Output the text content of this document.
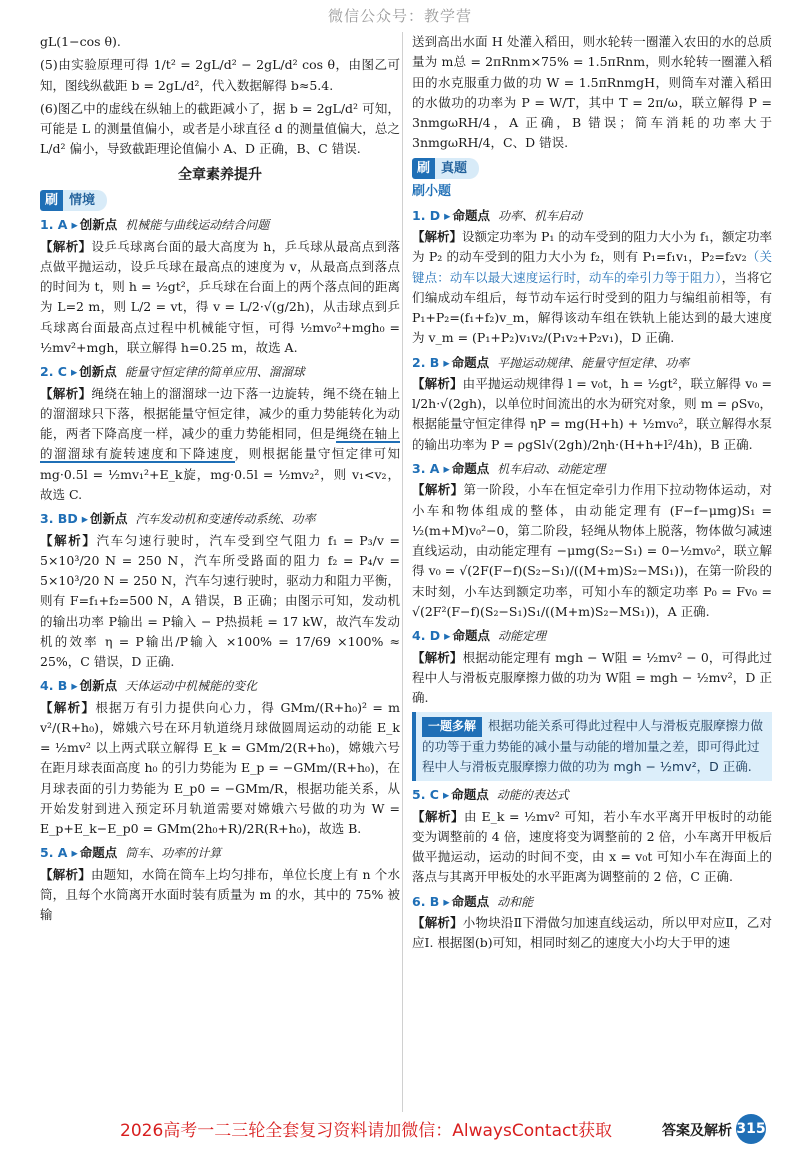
微信公众号：教学营

gL(1−cos θ).

(5)由实验原理可得 1/t² = 2gL/d² − 2gL/d² cos θ，由图乙可知，图线纵截距 b = 2gL/d²，代入数据解得 b≈5.4.

(6)图乙中的虚线在纵轴上的截距减小了，据 b = 2gL/d² 可知，可能是 L 的测量值偏小，或者是小球直径 d 的测量值偏大，总之 L/d² 偏小，导致截距理论值偏小 A、D 正确，B、C 错误.

全章素养提升
刷 情境
1. A ▸ 创新点 机械能与曲线运动结合问题

【解析】设乒乓球离台面的最大高度为 h，乒乓球从最高点到落点做平抛运动，设乒乓球在最高点的速度为 v，从最高点到落点的时间为 t，则 h = ½gt²，乒乓球在台面上的两个落点间的距离为 L=2 m，则 L/2 = vt，得 v = L/2·√(g/2h)，从击球点到乒乓球离台面最高点过程中机械能守恒，可得 ½mv₀²+mgh₀ = ½mv²+mgh，联立解得 h=0.25 m，故选 A.

2. C ▸ 创新点 能量守恒定律的简单应用、溜溜球

【解析】绳绕在轴上的溜溜球一边下落一边旋转，绳不绕在轴上的溜溜球只下落，根据能量守恒定律，减少的重力势能转化为动能，两者下降高度一样，减少的重力势能相同，但是绳绕在轴上的溜溜球有旋转速度和下降速度，则根据能量守恒定律可知 mg·0.5l = ½mv₁²+E_k旋，mg·0.5l = ½mv₂²，则 v₁<v₂，故选 C.

3. BD ▸ 创新点 汽车发动机和变速传动系统、功率

【解析】汽车匀速行驶时，汽车受到空气阻力 f₁ = P₃/v = 5×10³/20 N = 250 N，汽车所受路面的阻力 f₂ = P₄/v = 5×10³/20 N = 250 N，汽车匀速行驶时，驱动力和阻力平衡，则有 F=f₁+f₂=500 N，A 错误，B 正确；由图示可知，发动机的输出功率 P输出 = P输入 − P热损耗 = 17 kW，故汽车发动机的效率 η = P输出/P输入 ×100% = 17/69 ×100% ≈ 25%，C 错误，D 正确.

4. B ▸ 创新点 天体运动中机械能的变化

【解析】根据万有引力提供向心力，得 GMm/(R+h₀)² = m v²/(R+h₀)，嫦娥六号在环月轨道绕月球做圆周运动的动能 E_k = ½mv² 以上两式联立解得 E_k = GMm/2(R+h₀)，嫦娥六号在距月球表面高度 h₀ 的引力势能为 E_p = −GMm/(R+h₀)，在月球表面的引力势能为 E_p0 = −GMm/R，根据功能关系，从开始发射到进入预定环月轨道需要对嫦娥六号做的功为 W = E_p+E_k−E_p0 = GMm(2h₀+R)/2R(R+h₀)，故选 B.

5. A ▸ 命题点 筒车、功率的计算

【解析】由题知，水筒在筒车上均匀排布，单位长度上有 n 个水筒，且每个水筒离开水面时装有质量为 m 的水，其中的 75% 被输

送到高出水面 H 处灌入稻田，则水轮转一圈灌入农田的水的总质量为 m总 = 2πRnm×75% = 1.5πRnm，则水轮转一圈灌入稻田的水克服重力做的功 W = 1.5πRnmgH，则筒车对灌入稻田的水做功的功率为 P = W/T，其中 T = 2π/ω，联立解得 P = 3nmgωRH/4，A 正确，B 错误；简车消耗的功率大于 3nmgωRH/4，C、D 错误.

刷 真题
刷小题
1. D ▸ 命题点 功率、机车启动

【解析】设额定功率为 P₁ 的动车受到的阻力大小为 f₁，额定功率为 P₂ 的动车受到的阻力大小为 f₂，则有 P₁=f₁v₁，P₂=f₂v₂（关键点：动车以最大速度运行时，动车的牵引力等于阻力），当将它们编成动车组后，每节动车运行时受到的阻力与编组前相等，有 P₁+P₂=(f₁+f₂)v_m，解得该动车组在铁轨上能达到的最大速度为 v_m = (P₁+P₂)v₁v₂/(P₁v₂+P₂v₁)，D 正确.

2. B ▸ 命题点 平抛运动规律、能量守恒定律、功率

【解析】由平抛运动规律得 l = v₀t，h = ½gt²，联立解得 v₀ = l/2h·√(2gh)，以单位时间流出的水为研究对象，则 m = ρSv₀，根据能量守恒定律得 ηP = mg(H+h) + ½mv₀²，联立解得水泵的输出功率为 P = ρgSl√(2gh)/2ηh·(H+h+l²/4h)，B 正确.

3. A ▸ 命题点 机车启动、动能定理

【解析】第一阶段，小车在恒定牵引力作用下拉动物体运动，对小车和物体组成的整体，由动能定理有 (F−f−μmg)S₁ = ½(m+M)v₀²−0，第二阶段，轻绳从物体上脱落，物体做匀减速直线运动，由动能定理有 −μmg(S₂−S₁) = 0−½mv₀²，联立解得 v₀ = √(2F(F−f)(S₂−S₁)/((M+m)S₂−MS₁))，在第一阶段的末时刻，小车达到额定功率，可知小车的额定功率 P₀ = Fv₀ = √(2F²(F−f)(S₂−S₁)S₁/((M+m)S₂−MS₁))，A 正确.

4. D ▸ 命题点 动能定理

【解析】根据动能定理有 mgh − W阻 = ½mv² − 0，可得此过程中人与滑板克服摩擦力做的功为 W阻 = mgh − ½mv²，D 正确.

一题多解 根据功能关系可得此过程中人与滑板克服摩擦力做的功等于重力势能的减小量与动能的增加量之差，即可得此过程中人与滑板克服摩擦力做的功为 mgh − ½mv²，D 正确.
5. C ▸ 命题点 动能的表达式

【解析】由 E_k = ½mv² 可知，若小车水平离开甲板时的动能变为调整前的 4 倍，速度将变为调整前的 2 倍，小车离开甲板后做平抛运动，运动的时间不变，由 x = v₀t 可知小车在海面上的落点与其离开甲板处的水平距离为调整前的 2 倍，C 正确.

6. B ▸ 命题点 动和能

【解析】小物块沿Ⅱ下滑做匀加速直线运动，所以甲对应Ⅱ，乙对应Ⅰ. 根据图(b)可知，相同时刻乙的速度大小均大于甲的速

2026高考一二三轮全套复习资料请加微信：AlwaysContact获取	答案及解析 315
